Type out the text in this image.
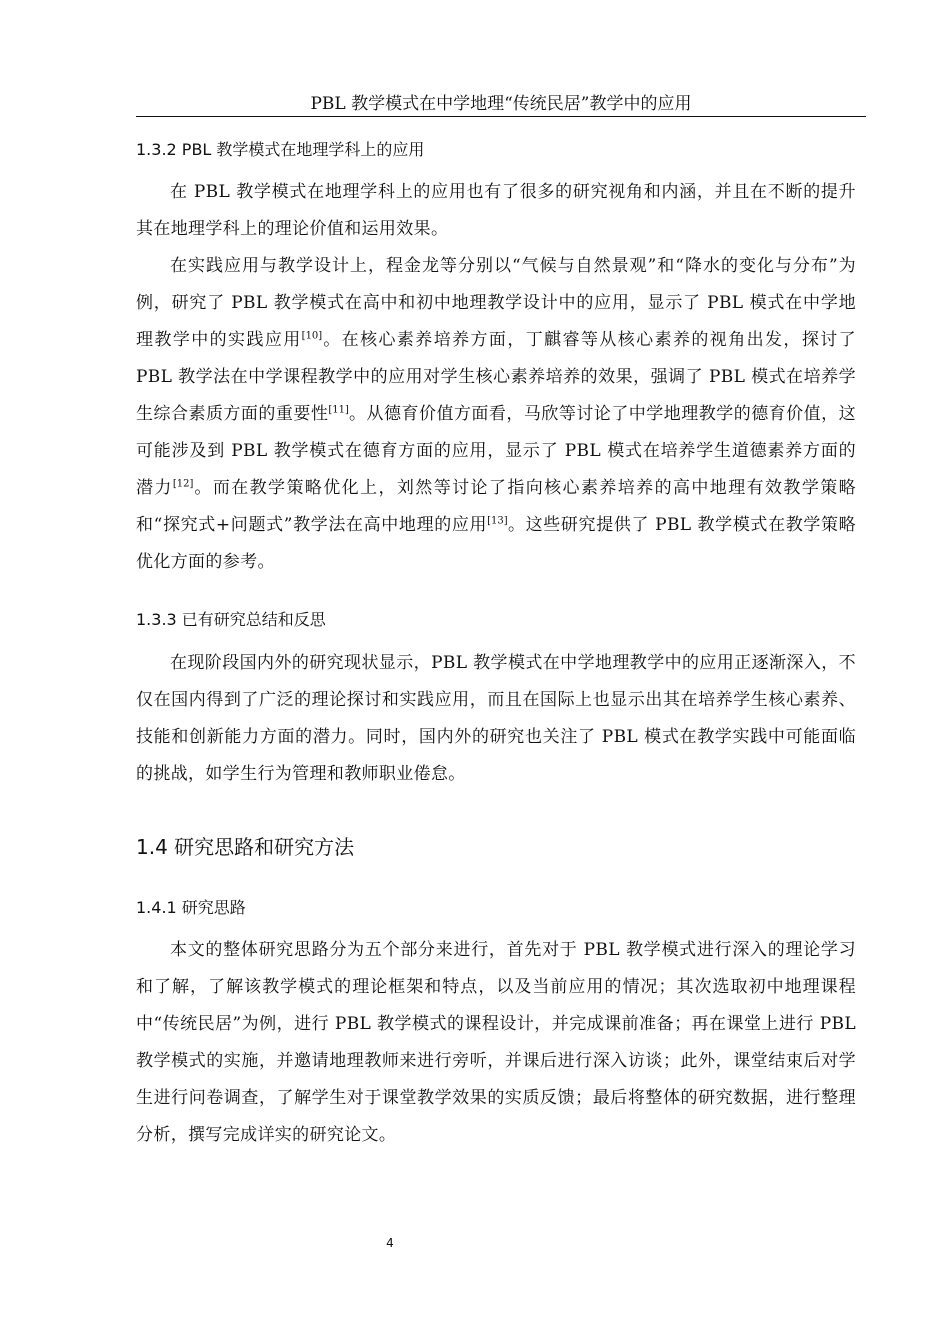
PBL 教学模式在中学地理“传统民居”教学中的应用
1.3.2 PBL 教学模式在地理学科上的应用

在 PBL 教学模式在地理学科上的应用也有了很多的研究视角和内涵，并且在不断的提升其在地理学科上的理论价值和运用效果。

在实践应用与教学设计上，程金龙等分别以“气候与自然景观”和“降水的变化与分布”为例，研究了 PBL 教学模式在高中和初中地理教学设计中的应用，显示了 PBL 模式在中学地理教学中的实践应用[10]。在核心素养培养方面，丁麒睿等从核心素养的视角出发，探讨了 PBL 教学法在中学课程教学中的应用对学生核心素养培养的效果，强调了 PBL 模式在培养学生综合素质方面的重要性[11]。从德育价值方面看，马欣等讨论了中学地理教学的德育价值，这可能涉及到 PBL 教学模式在德育方面的应用，显示了 PBL 模式在培养学生道德素养方面的潜力[12]。而在教学策略优化上，刘然等讨论了指向核心素养培养的高中地理有效教学策略和“探究式+问题式”教学法在高中地理的应用[13]。这些研究提供了 PBL 教学模式在教学策略优化方面的参考。

1.3.3 已有研究总结和反思

在现阶段国内外的研究现状显示，PBL 教学模式在中学地理教学中的应用正逐渐深入，不仅在国内得到了广泛的理论探讨和实践应用，而且在国际上也显示出其在培养学生核心素养、技能和创新能力方面的潜力。同时，国内外的研究也关注了 PBL 模式在教学实践中可能面临的挑战，如学生行为管理和教师职业倦怠。

1.4 研究思路和研究方法
1.4.1 研究思路

本文的整体研究思路分为五个部分来进行，首先对于 PBL 教学模式进行深入的理论学习和了解，了解该教学模式的理论框架和特点，以及当前应用的情况；其次选取初中地理课程中“传统民居”为例，进行 PBL 教学模式的课程设计，并完成课前准备；再在课堂上进行 PBL 教学模式的实施，并邀请地理教师来进行旁听，并课后进行深入访谈；此外，课堂结束后对学生进行问卷调查，了解学生对于课堂教学效果的实质反馈；最后将整体的研究数据，进行整理分析，撰写完成详实的研究论文。

4
